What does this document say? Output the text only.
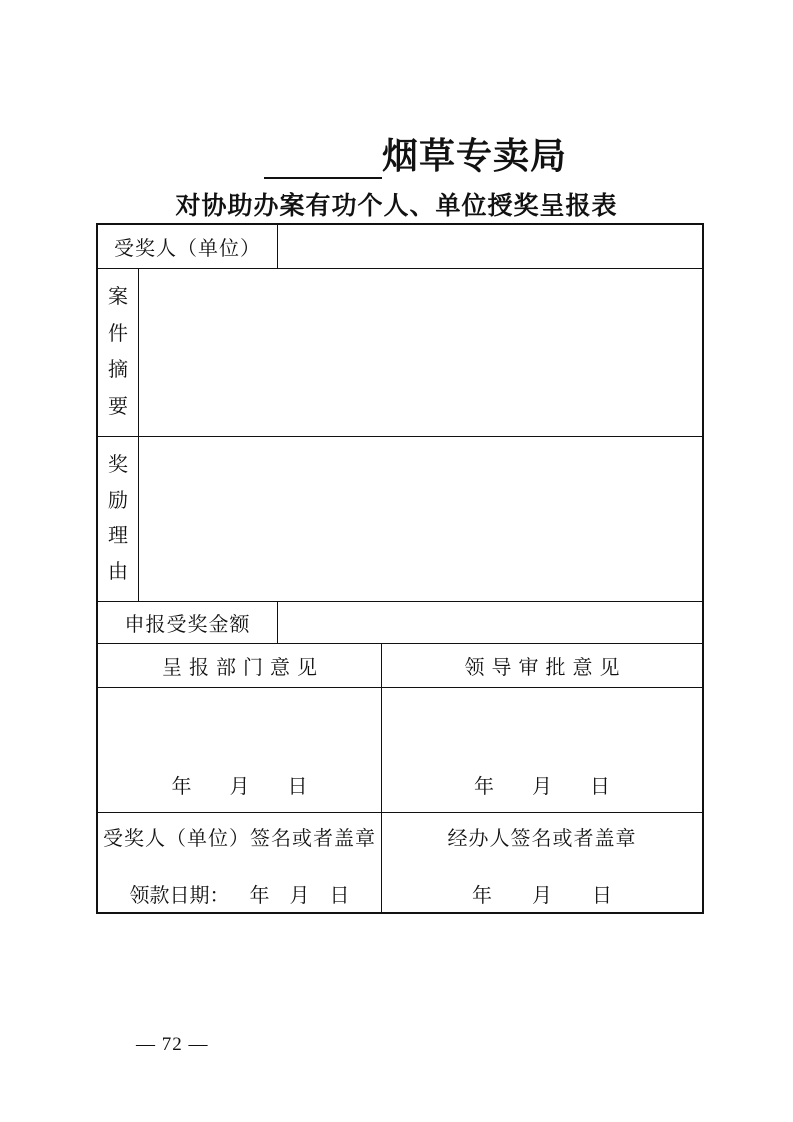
烟草专卖局
对协助办案有功个人、单位授奖呈报表
受奖人（单位）
案
件
摘
要
奖
励
理
由
申报受奖金额
呈报部门意见	领导审批意见
年 月 日	年 月 日
受奖人（单位）签名或者盖章
领款日期： 年 月 日
经办人签名或者盖章
年 月 日
— 72 —
